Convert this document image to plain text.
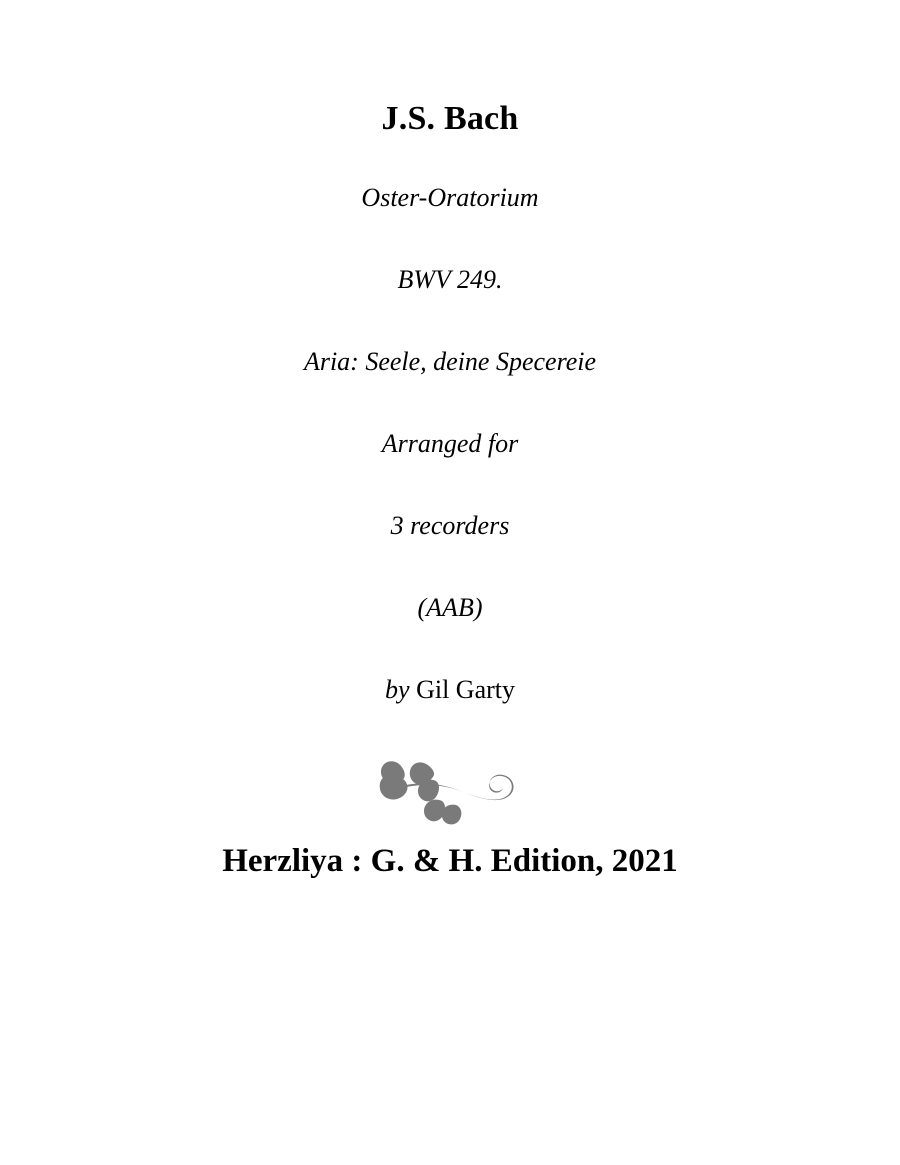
J.S. Bach
Oster-Oratorium
BWV 249.
Aria: Seele, deine Specereie
Arranged for
3 recorders
(AAB)
by Gil Garty
Herzliya : G. & H. Edition, 2021
